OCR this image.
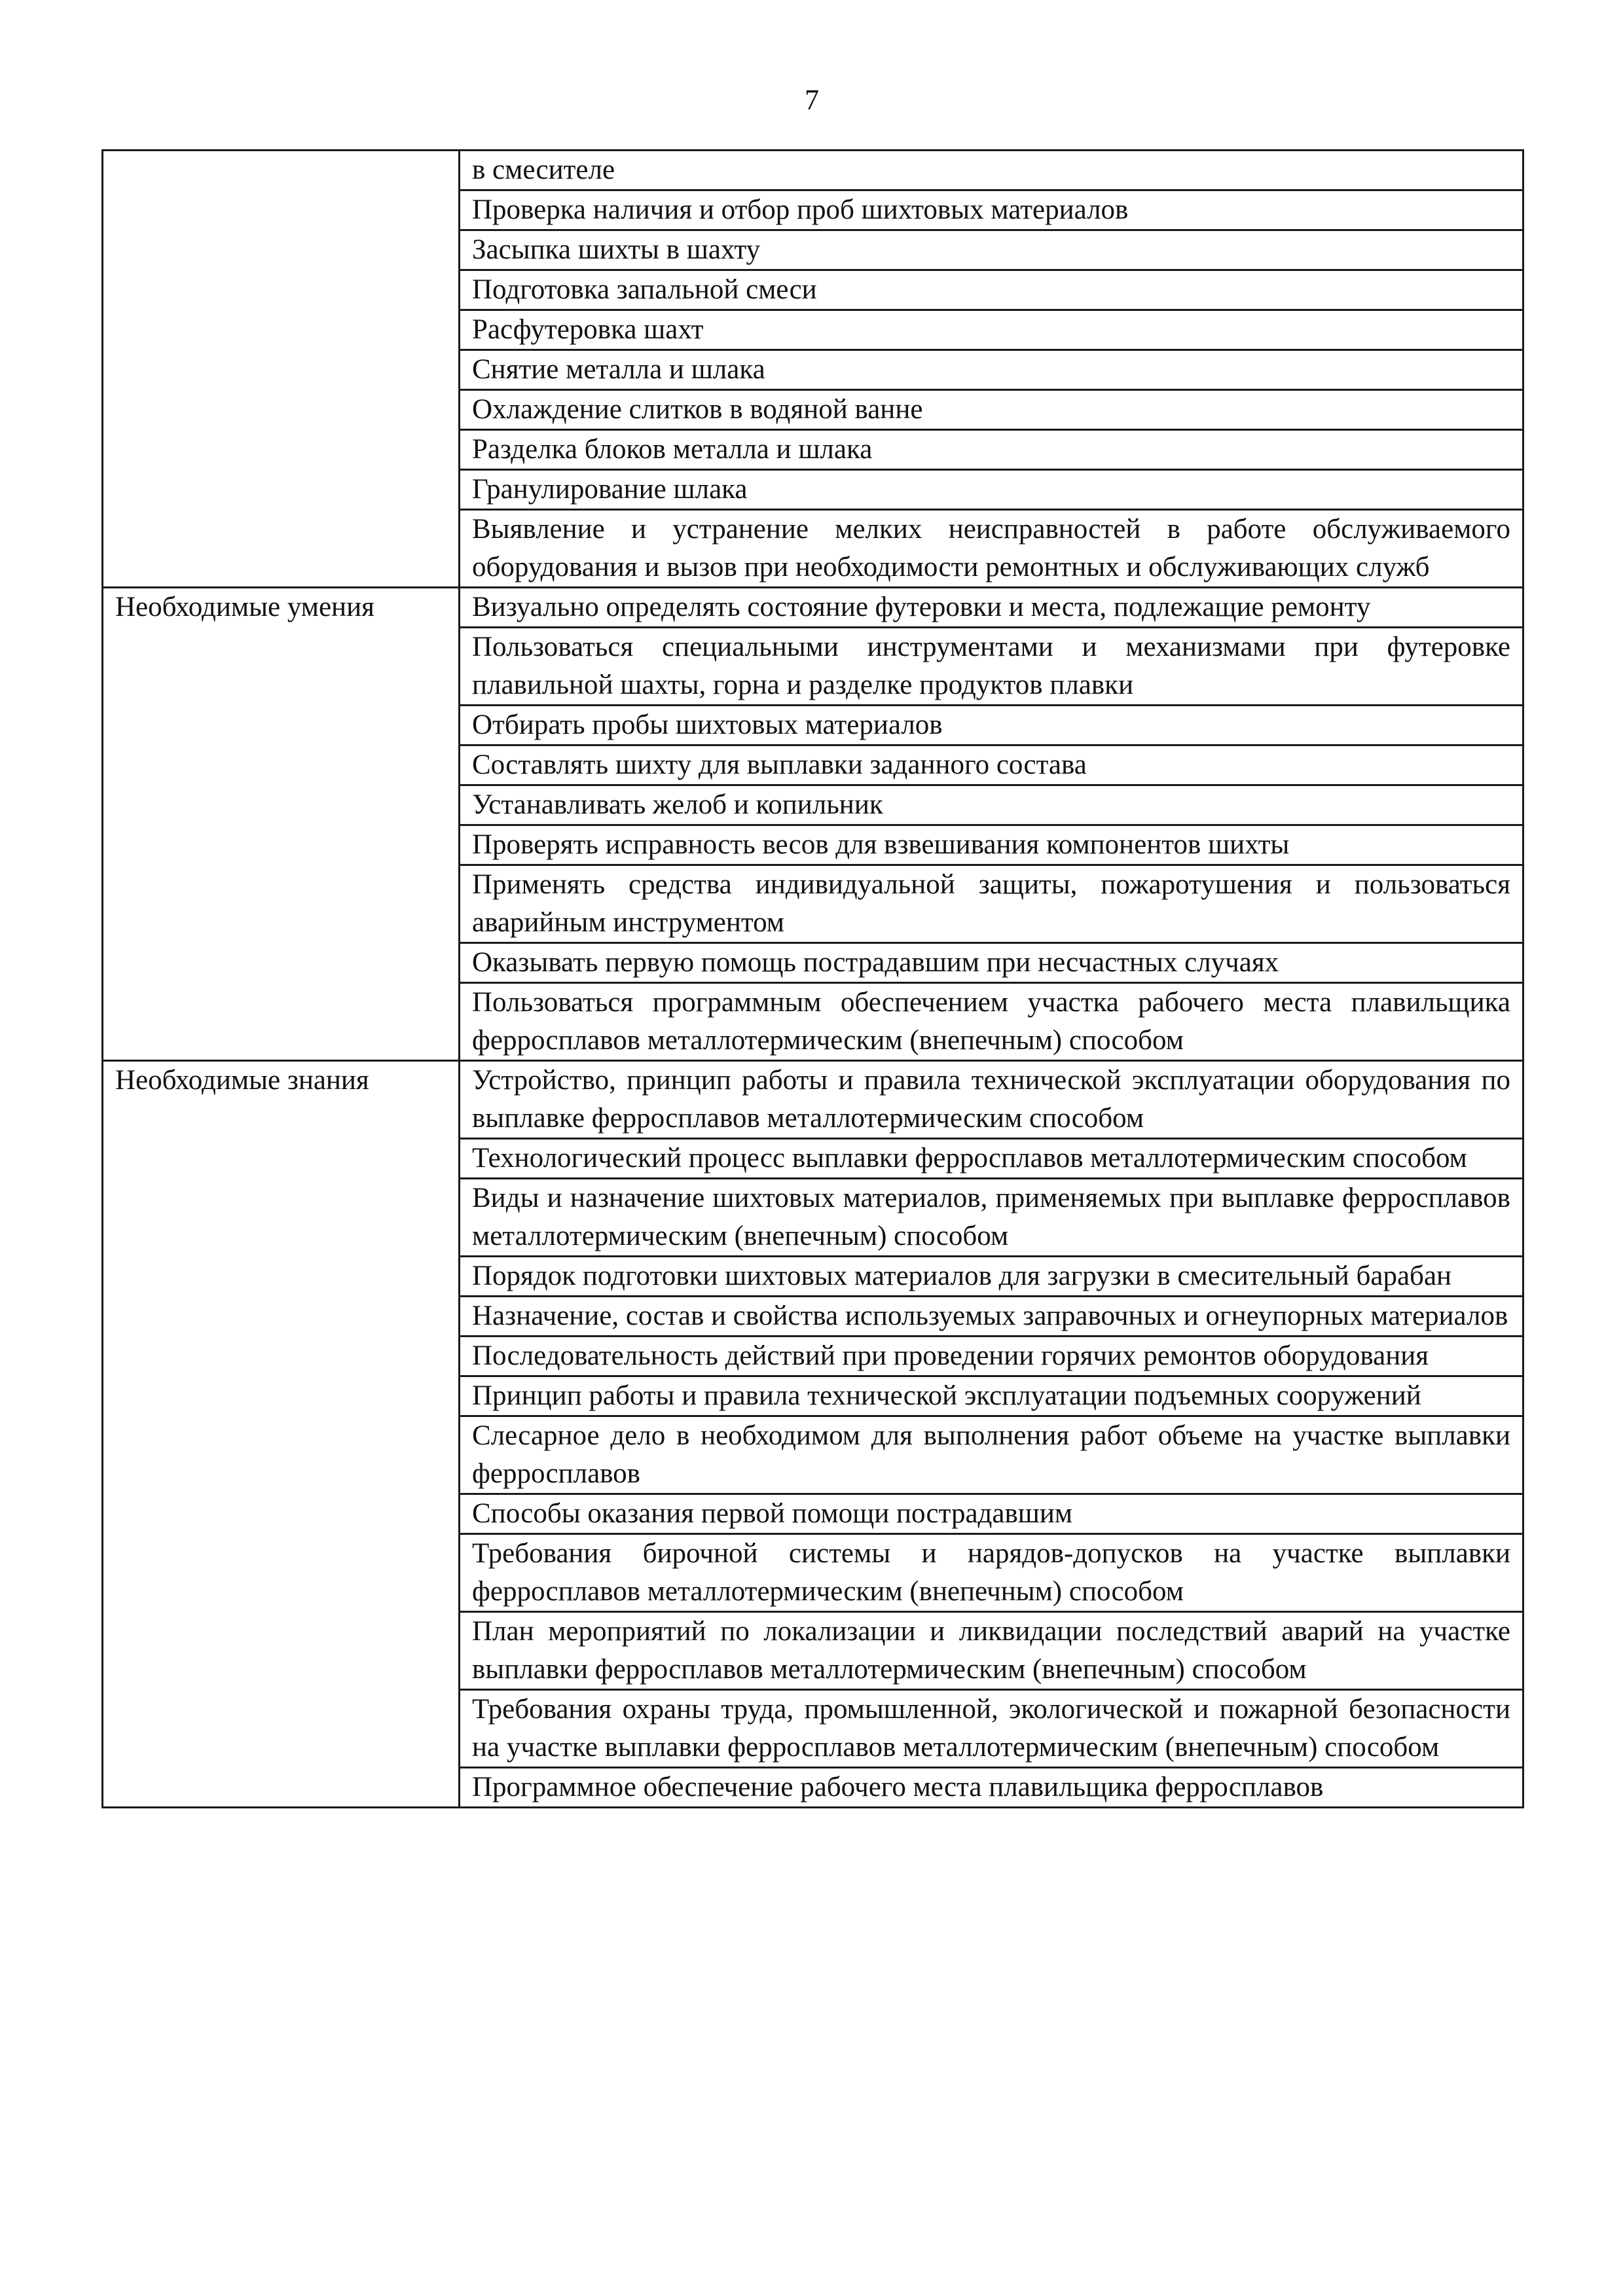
7
	в смесителе
	Проверка наличия и отбор проб шихтовых материалов
	Засыпка шихты в шахту
	Подготовка запальной смеси
	Расфутеровка шахт
	Снятие металла и шлака
	Охлаждение слитков в водяной ванне
	Разделка блоков металла и шлака
	Гранулирование шлака
	Выявление и устранение мелких неисправностей в работе обслуживаемого оборудования и вызов при необходимости ремонтных и обслуживающих служб
Необходимые умения	Визуально определять состояние футеровки и места, подлежащие ремонту
	Пользоваться специальными инструментами и механизмами при футеровке плавильной шахты, горна и разделке продуктов плавки
	Отбирать пробы шихтовых материалов
	Составлять шихту для выплавки заданного состава
	Устанавливать желоб и копильник
	Проверять исправность весов для взвешивания компонентов шихты
	Применять средства индивидуальной защиты, пожаротушения и пользоваться аварийным инструментом
	Оказывать первую помощь пострадавшим при несчастных случаях
	Пользоваться программным обеспечением участка рабочего места плавильщика ферросплавов металлотермическим (внепечным) способом
Необходимые знания	Устройство, принцип работы и правила технической эксплуатации оборудования по выплавке ферросплавов металлотермическим способом
	Технологический процесс выплавки ферросплавов металлотермическим способом
	Виды и назначение шихтовых материалов, применяемых при выплавке ферросплавов металлотермическим (внепечным) способом
	Порядок подготовки шихтовых материалов для загрузки в смесительный барабан
	Назначение, состав и свойства используемых заправочных и огнеупорных материалов
	Последовательность действий при проведении горячих ремонтов оборудования
	Принцип работы и правила технической эксплуатации подъемных сооружений
	Слесарное дело в необходимом для выполнения работ объеме на участке выплавки ферросплавов
	Способы оказания первой помощи пострадавшим
	Требования бирочной системы и нарядов-допусков на участке выплавки ферросплавов металлотермическим (внепечным) способом
	План мероприятий по локализации и ликвидации последствий аварий на участке выплавки ферросплавов металлотермическим (внепечным) способом
	Требования охраны труда, промышленной, экологической и пожарной безопасности на участке выплавки ферросплавов металлотермическим (внепечным) способом
	Программное обеспечение рабочего места плавильщика ферросплавов
